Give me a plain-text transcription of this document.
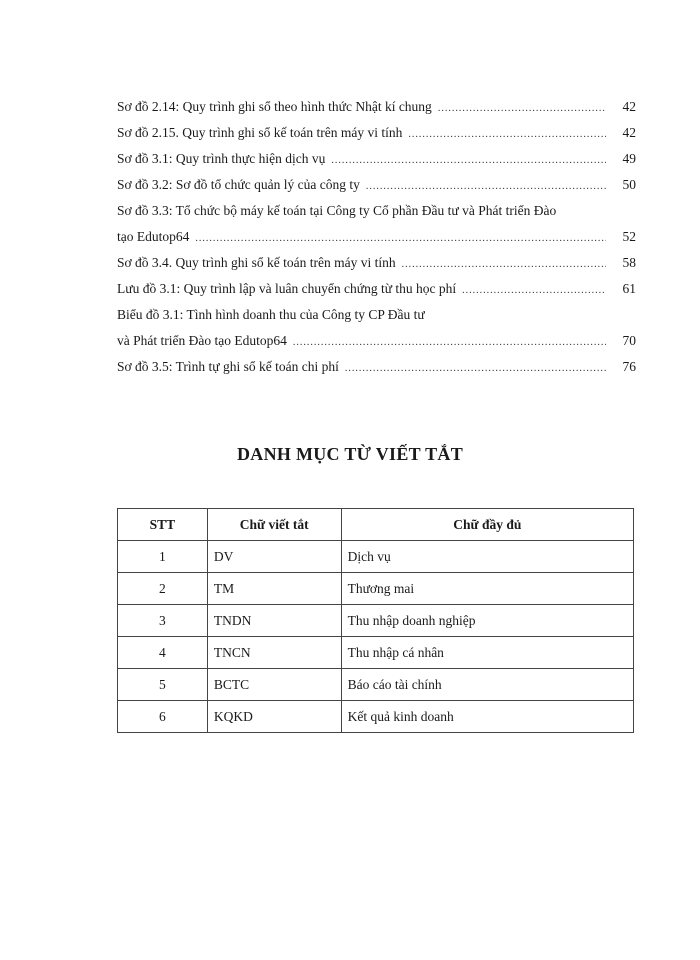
Sơ đồ 2.14: Quy trình ghi sổ theo hình thức Nhật kí chung .....	42
Sơ đồ 2.15. Quy trình ghi sổ kế toán trên máy vi tính .....	42
Sơ đồ 3.1: Quy trình thực hiện dịch vụ .....	49
Sơ đồ 3.2: Sơ đồ tổ chức quản lý của công ty .....	50
Sơ đồ 3.3: Tổ chức bộ máy kế toán tại Công ty Cổ phần Đầu tư và Phát triển Đào
tạo Edutop64 .....	52
Sơ đồ 3.4. Quy trình ghi sổ kế toán trên máy vi tính .....	58
Lưu đồ 3.1: Quy trình lập và luân chuyển chứng từ thu học phí .....	61
Biểu đồ 3.1: Tình hình doanh thu của Công ty CP Đầu tư
và Phát triển Đào tạo Edutop64 .....	70
Sơ đồ 3.5: Trình tự ghi sổ kế toán chi phí .....	76
DANH MỤC TỪ VIẾT TẮT
STT	Chữ viết tắt	Chữ đầy đủ
1	DV	Dịch vụ
2	TM	Thương mai
3	TNDN	Thu nhập doanh nghiệp
4	TNCN	Thu nhập cá nhân
5	BCTC	Báo cáo tài chính
6	KQKD	Kết quả kinh doanh
